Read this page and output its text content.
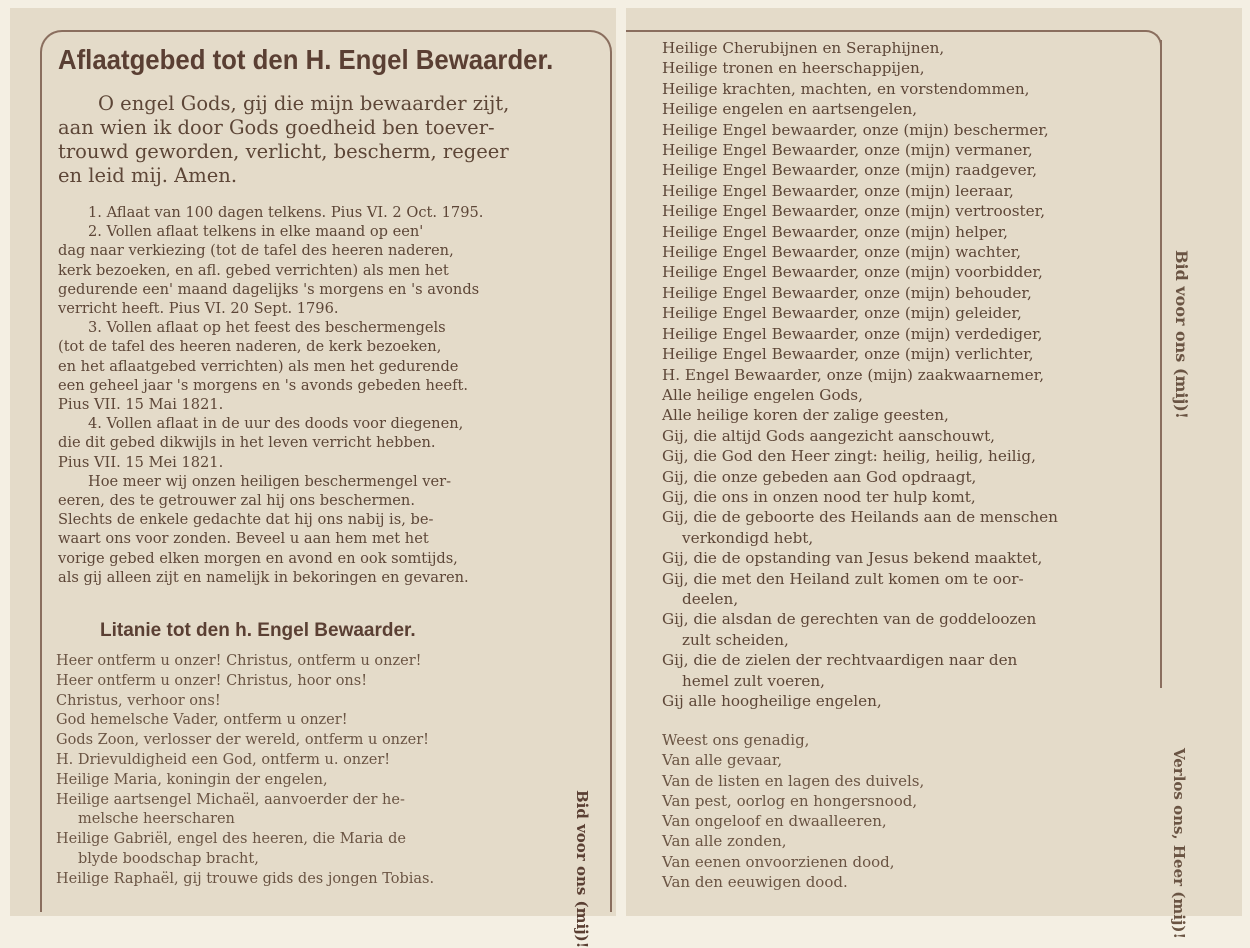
Aflaatgebed tot den H. Engel Bewaarder.
O engel Gods, gij die mijn bewaarder zijt,
aan wien ik door Gods goedheid ben toever-
trouwd geworden, verlicht, bescherm, regeer
en leid mij. Amen.
1. Aflaat van 100 dagen telkens. Pius VI. 2 Oct. 1795.
2. Vollen aflaat telkens in elke maand op een'
dag naar verkiezing (tot de tafel des heeren naderen,
kerk bezoeken, en afl. gebed verrichten) als men het
gedurende een' maand dagelijks 's morgens en 's avonds
verricht heeft. Pius VI. 20 Sept. 1796.
3. Vollen aflaat op het feest des beschermengels
(tot de tafel des heeren naderen, de kerk bezoeken,
en het aflaatgebed verrichten) als men het gedurende
een geheel jaar 's morgens en 's avonds gebeden heeft.
Pius VII. 15 Mai 1821.
4. Vollen aflaat in de uur des doods voor diegenen,
die dit gebed dikwijls in het leven verricht hebben.
Pius VII. 15 Mei 1821.
Hoe meer wij onzen heiligen beschermengel ver-
eeren, des te getrouwer zal hij ons beschermen.
Slechts de enkele gedachte dat hij ons nabij is, be-
waart ons voor zonden. Beveel u aan hem met het
vorige gebed elken morgen en avond en ook somtijds,
als gij alleen zijt en namelijk in bekoringen en gevaren.
Litanie tot den h. Engel Bewaarder.
Heer ontferm u onzer! Christus, ontferm u onzer!
Heer ontferm u onzer! Christus, hoor ons!
Christus, verhoor ons!
God hemelsche Vader, ontferm u onzer!
Gods Zoon, verlosser der wereld, ontferm u onzer!
H. Drievuldigheid een God, ontferm u. onzer!
Heilige Maria, koningin der engelen,
Heilige aartsengel Michaël, aanvoerder der he-
melsche heerscharen
Heilige Gabriël, engel des heeren, die Maria de
blyde boodschap bracht,
Heilige Raphaël, gij trouwe gids des jongen Tobias.	Bid voor ons (mij)!
Heilige Cherubijnen en Seraphijnen,
Heilige tronen en heerschappijen,
Heilige krachten, machten, en vorstendommen,
Heilige engelen en aartsengelen,
Heilige Engel bewaarder, onze (mijn) beschermer,
Heilige Engel Bewaarder, onze (mijn) vermaner,
Heilige Engel Bewaarder, onze (mijn) raadgever,
Heilige Engel Bewaarder, onze (mijn) leeraar,
Heilige Engel Bewaarder, onze (mijn) vertrooster,
Heilige Engel Bewaarder, onze (mijn) helper,
Heilige Engel Bewaarder, onze (mijn) wachter,
Heilige Engel Bewaarder, onze (mijn) voorbidder,
Heilige Engel Bewaarder, onze (mijn) behouder,
Heilige Engel Bewaarder, onze (mijn) geleider,
Heilige Engel Bewaarder, onze (mijn) verdediger,
Heilige Engel Bewaarder, onze (mijn) verlichter,
H. Engel Bewaarder, onze (mijn) zaakwaarnemer,
Alle heilige engelen Gods,
Alle heilige koren der zalige geesten,
Gij, die altijd Gods aangezicht aanschouwt,
Gij, die God den Heer zingt: heilig, heilig, heilig,
Gij, die onze gebeden aan God opdraagt,
Gij, die ons in onzen nood ter hulp komt,
Gij, die de geboorte des Heilands aan de menschen
verkondigd hebt,
Gij, die de opstanding van Jesus bekend maaktet,
Gij, die met den Heiland zult komen om te oor-
deelen,
Gij, die alsdan de gerechten van de goddeloozen
zult scheiden,
Gij, die de zielen der rechtvaardigen naar den
hemel zult voeren,
Gij alle hoogheilige engelen,
Bid voor ons (mij)!
Weest ons genadig,
Van alle gevaar,
Van de listen en lagen des duivels,
Van pest, oorlog en hongersnood,
Van ongeloof en dwaalleeren,
Van alle zonden,
Van eenen onvoorzienen dood,
Van den eeuwigen dood.	Verlos ons, Heer (mij)!
